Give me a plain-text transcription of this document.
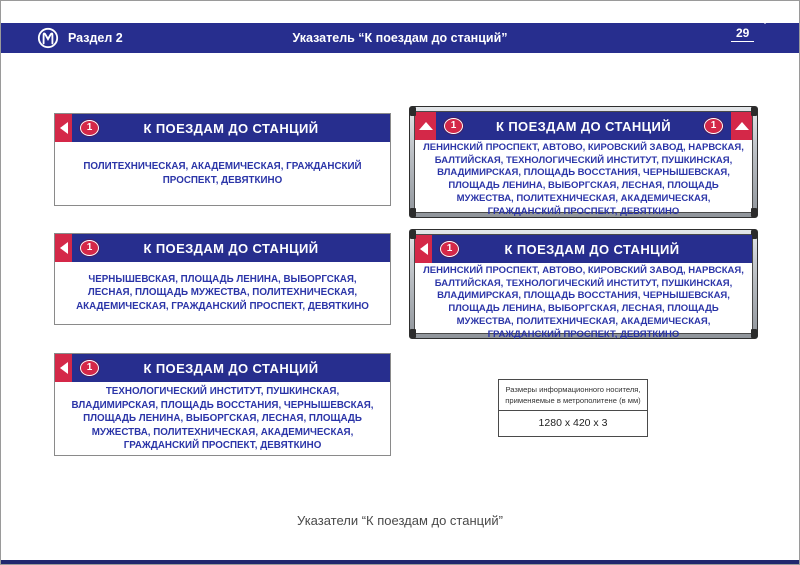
Раздел 2	Указатель “К поездам до станций”	29
1	К ПОЕЗДАМ ДО СТАНЦИЙ
ПОЛИТЕХНИЧЕСКАЯ, АКАДЕМИЧЕСКАЯ, ГРАЖДАНСКИЙ ПРОСПЕКТ, ДЕВЯТКИНО
1	К ПОЕЗДАМ ДО СТАНЦИЙ	1
ЛЕНИНСКИЙ ПРОСПЕКТ, АВТОВО, КИРОВСКИЙ ЗАВОД, НАРВСКАЯ, БАЛТИЙСКАЯ, ТЕХНОЛОГИЧЕСКИЙ ИНСТИТУТ, ПУШКИНСКАЯ, ВЛАДИМИРСКАЯ, ПЛОЩАДЬ ВОССТАНИЯ, ЧЕРНЫШЕВСКАЯ, ПЛОЩАДЬ ЛЕНИНА, ВЫБОРГСКАЯ, ЛЕСНАЯ, ПЛОЩАДЬ МУЖЕСТВА, ПОЛИТЕХНИЧЕСКАЯ, АКАДЕМИЧЕСКАЯ, ГРАЖДАНСКИЙ ПРОСПЕКТ, ДЕВЯТКИНО
1	К ПОЕЗДАМ ДО СТАНЦИЙ
ЧЕРНЫШЕВСКАЯ, ПЛОЩАДЬ ЛЕНИНА, ВЫБОРГСКАЯ, ЛЕСНАЯ, ПЛОЩАДЬ МУЖЕСТВА, ПОЛИТЕХНИЧЕСКАЯ, АКАДЕМИЧЕСКАЯ, ГРАЖДАНСКИЙ ПРОСПЕКТ, ДЕВЯТКИНО
1	К ПОЕЗДАМ ДО СТАНЦИЙ
ЛЕНИНСКИЙ ПРОСПЕКТ, АВТОВО, КИРОВСКИЙ ЗАВОД, НАРВСКАЯ, БАЛТИЙСКАЯ, ТЕХНОЛОГИЧЕСКИЙ ИНСТИТУТ, ПУШКИНСКАЯ, ВЛАДИМИРСКАЯ, ПЛОЩАДЬ ВОССТАНИЯ, ЧЕРНЫШЕВСКАЯ, ПЛОЩАДЬ ЛЕНИНА, ВЫБОРГСКАЯ, ЛЕСНАЯ, ПЛОЩАДЬ МУЖЕСТВА, ПОЛИТЕХНИЧЕСКАЯ, АКАДЕМИЧЕСКАЯ, ГРАЖДАНСКИЙ ПРОСПЕКТ, ДЕВЯТКИНО
1	К ПОЕЗДАМ ДО СТАНЦИЙ
ТЕХНОЛОГИЧЕСКИЙ ИНСТИТУТ, ПУШКИНСКАЯ, ВЛАДИМИРСКАЯ, ПЛОЩАДЬ ВОССТАНИЯ, ЧЕРНЫШЕВСКАЯ, ПЛОЩАДЬ ЛЕНИНА, ВЫБОРГСКАЯ, ЛЕСНАЯ, ПЛОЩАДЬ МУЖЕСТВА, ПОЛИТЕХНИЧЕСКАЯ, АКАДЕМИЧЕСКАЯ, ГРАЖДАНСКИЙ ПРОСПЕКТ, ДЕВЯТКИНО
Размеры информационного носителя,
применяемые в метрополитене (в мм)
1280 x 420 x 3
Указатели “К поездам до станций”
